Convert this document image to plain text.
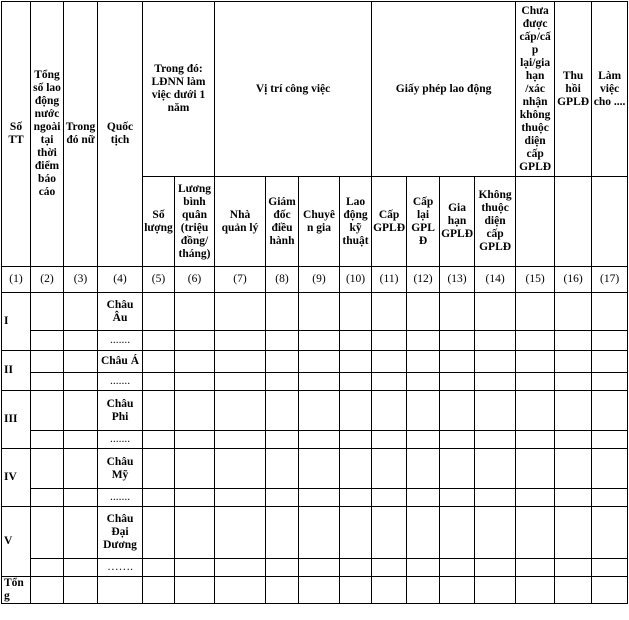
Số TT	Tổng số lao động nước ngoài tại thời điểm báo cáo	Trong đó nữ	Quốc tịch	Trong đó: LĐNN làm việc dưới 1 năm		Vị trí công việc				Giấy phép lao động				Chưa được cấp/cấp lại/gia hạn /xác nhận không thuộc diện cấp GPLĐ	Thu hồi GPLĐ	Làm việc cho ....
				Số lượng	Lương bình quân (triệu đồng/ tháng)	Nhà quản lý	Giám đốc điều hành	Chuyên gia	Lao động kỹ thuật	Cấp GPLĐ	Cấp lại GPLĐ	Gia hạn GPLĐ	Không thuộc diện cấp GPLĐ			
(1)	(2)	(3)	(4)	(5)	(6)	(7)	(8)	(9)	(10)	(11)	(12)	(13)	(14)	(15)	(16)	(17)
I			Châu Âu													
			.......													
II			Châu Á													
			.......													
III			Châu Phi													
			.......													
IV			Châu Mỹ													
			.......													
V			Châu Đại Dương													
			…….													
Tổng																
